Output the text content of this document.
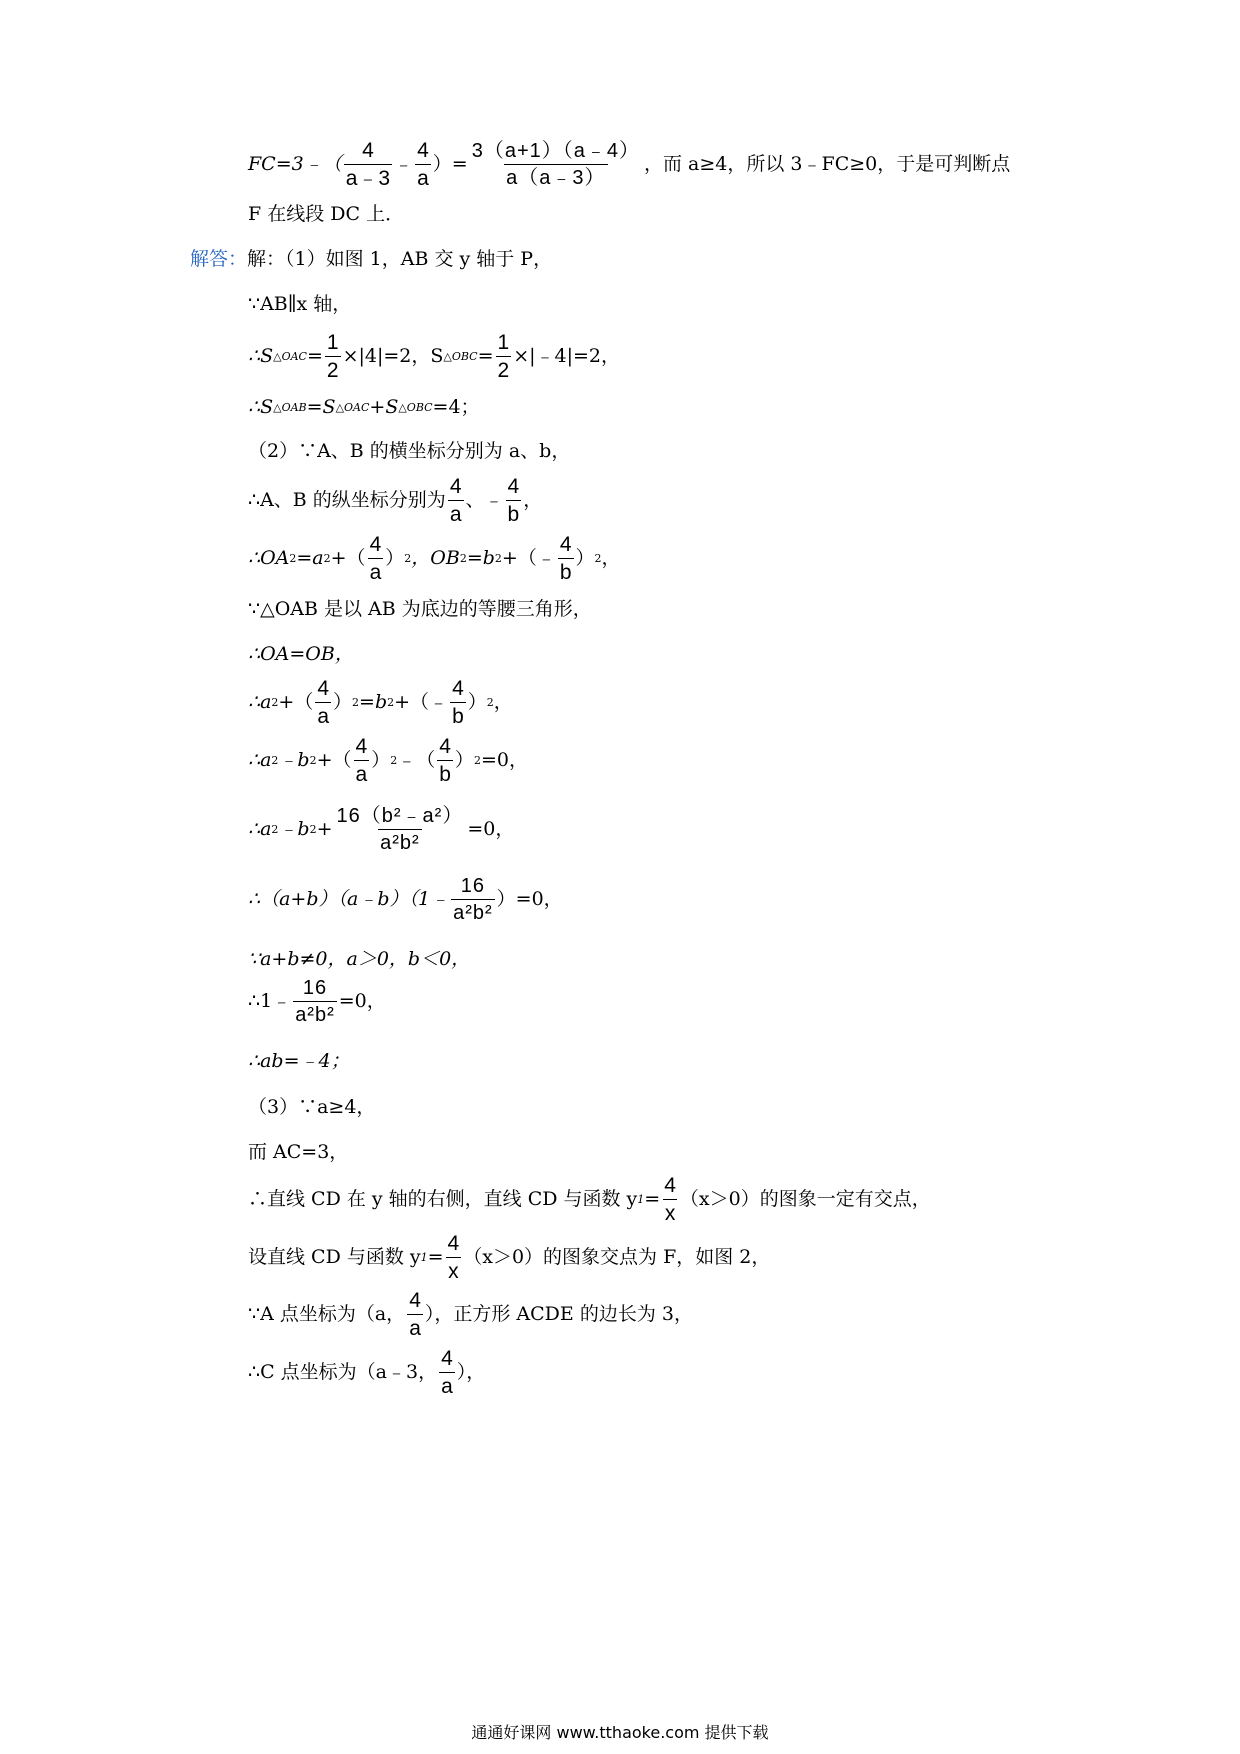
FC=3﹣（ $\frac{4}{a﹣3}$ ﹣ $\frac{4}{a}$ ）= $\frac{3(a+1)(a﹣4)}{a(a﹣3)}$ ，而 a≥4，所以 3﹣FC≥0，于是可判断点
F 在线段 DC 上．
解答： 解：（1）如图 1，AB 交 y 轴于 P，
∵AB∥x 轴，
∴S △OAC = $\frac{1}{2} \times|4|=2$，S △OBC = $\frac{1}{2}$ ×|﹣4|=2，
∴S △OAB =S △OAC +S △OBC =4；
（2）∵A、B 的横坐标分别为 a、b，
∴A、B 的纵坐标分别为 $\frac{4}{a}$ 、﹣ $\frac{4}{b}$ ，
∴OA 2 =a 2 +（ $\frac{4}{a}$ ） 2 ，OB 2 =b 2 +（﹣ $\frac{4}{b}$ ） 2 ，
∵△OAB 是以 AB 为底边的等腰三角形，
∴OA=OB，
∴a 2 +（ $\frac{4}{a}$ ） 2 =b 2 +（﹣ $\frac{4}{b}$ ） 2 ，
∴a 2 ﹣b 2 +（ $\frac{4}{a}$ ） 2 ﹣（ $\frac{4}{b}$ ） 2 =0，
∴a 2 ﹣b $2 + \frac{\text{16（b²﹣a²）}}{\text{a²b²}} =0$，
∴（a+b）（a﹣b）（1﹣ $\frac{16}{\text{a²b²}} )=0$，
∵a+b≠0，a＞0，b＜0，
∴1﹣ $\frac{16}{\text{a²b²}} =0$，
∴ab=﹣4；
（3）∵a≥4，
而 AC=3，
∴直线 CD 在 y 轴的右侧，直线 CD 与函数 y $1 = \frac{4}{x} (x>0)$的图象一定有交点，
设直线 CD 与函数 y $1 = \frac{4}{x} (x>0)$的图象交点为 F，如图 2，
∵A 点坐标为（a， $\frac{4}{a}$ ），正方形 ACDE 的边长为 3，
∴C 点坐标为（a﹣3， $\frac{4}{a}$ ），
通通好课网 www.tthaoke.com 提供下载
